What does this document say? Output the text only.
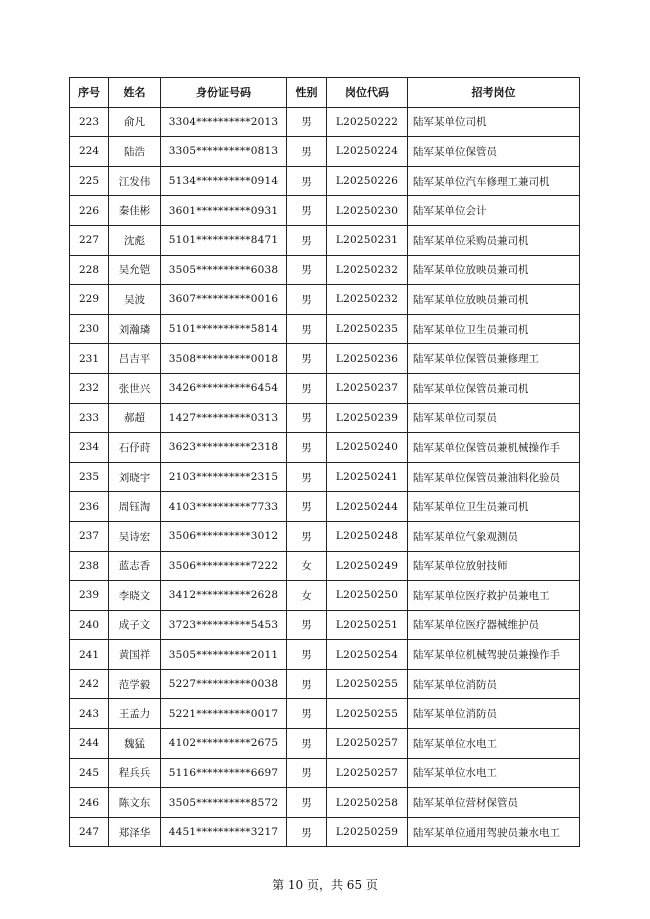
序号	姓名	身份证号码	性别	岗位代码	招考岗位
223	俞凡	3304**********2013	男	L20250222	陆军某单位司机
224	陆浩	3305**********0813	男	L20250224	陆军某单位保管员
225	江发伟	5134**********0914	男	L20250226	陆军某单位汽车修理工兼司机
226	秦佳彬	3601**********0931	男	L20250230	陆军某单位会计
227	沈彪	5101**********8471	男	L20250231	陆军某单位采购员兼司机
228	吴允铠	3505**********6038	男	L20250232	陆军某单位放映员兼司机
229	吴波	3607**********0016	男	L20250232	陆军某单位放映员兼司机
230	刘瀚璘	5101**********5814	男	L20250235	陆军某单位卫生员兼司机
231	吕吉平	3508**********0018	男	L20250236	陆军某单位保管员兼修理工
232	张世兴	3426**********6454	男	L20250237	陆军某单位保管员兼司机
233	郝超	1427**********0313	男	L20250239	陆军某单位司泵员
234	石伃莳	3623**********2318	男	L20250240	陆军某单位保管员兼机械操作手
235	刘晓宇	2103**********2315	男	L20250241	陆军某单位保管员兼油料化验员
236	周钰淘	4103**********7733	男	L20250244	陆军某单位卫生员兼司机
237	吴诗宏	3506**********3012	男	L20250248	陆军某单位气象观测员
238	蓝志香	3506**********7222	女	L20250249	陆军某单位放射技师
239	李晓文	3412**********2628	女	L20250250	陆军某单位医疗救护员兼电工
240	成子文	3723**********5453	男	L20250251	陆军某单位医疗器械维护员
241	黄国祥	3505**********2011	男	L20250254	陆军某单位机械驾驶员兼操作手
242	范学毅	5227**********0038	男	L20250255	陆军某单位消防员
243	王孟力	5221**********0017	男	L20250255	陆军某单位消防员
244	魏猛	4102**********2675	男	L20250257	陆军某单位水电工
245	程兵兵	5116**********6697	男	L20250257	陆军某单位水电工
246	陈文东	3505**********8572	男	L20250258	陆军某单位营材保管员
247	郑泽华	4451**********3217	男	L20250259	陆军某单位通用驾驶员兼水电工
第 10 页，共 65 页
